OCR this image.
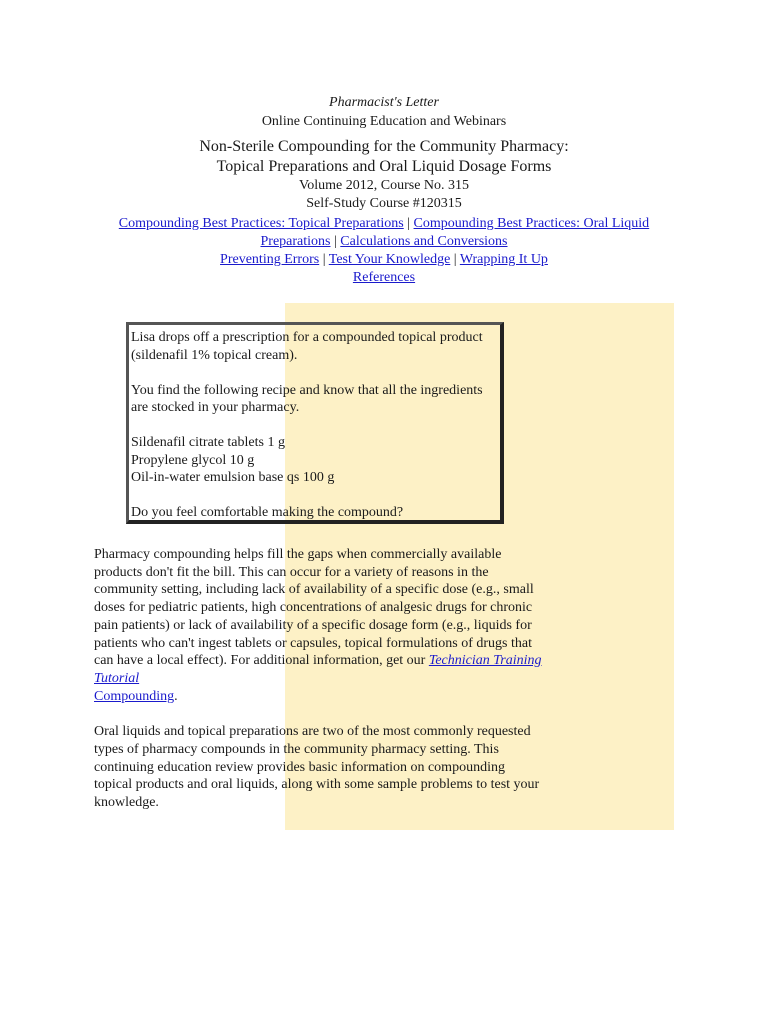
Pharmacist's Letter
Online Continuing Education and Webinars
Non-Sterile Compounding for the Community Pharmacy:
Topical Preparations and Oral Liquid Dosage Forms
Volume 2012, Course No. 315
Self-Study Course #120315
Compounding Best Practices: Topical Preparations | Compounding Best Practices: Oral Liquid Preparations | Calculations and Conversions
Preventing Errors | Test Your Knowledge | Wrapping It Up
References

Lisa drops off a prescription for a compounded topical product (sildenafil 1% topical cream).

You find the following recipe and know that all the ingredients are stocked in your pharmacy.

Sildenafil citrate tablets 1 g
Propylene glycol 10 g
Oil-in-water emulsion base qs 100 g

Do you feel comfortable making the compound?

Pharmacy compounding helps fill the gaps when commercially available products don't fit the bill. This can occur for a variety of reasons in the community setting, including lack of availability of a specific dose (e.g., small doses for pediatric patients, high concentrations of analgesic drugs for chronic pain patients) or lack of availability of a specific dosage form (e.g., liquids for patients who can't ingest tablets or capsules, topical formulations of drugs that can have a local effect). For additional information, get our Technician Training Tutorial
Compounding.

Oral liquids and topical preparations are two of the most commonly requested types of pharmacy compounds in the community pharmacy setting. This continuing education review provides basic information on compounding topical products and oral liquids, along with some sample problems to test your knowledge.
